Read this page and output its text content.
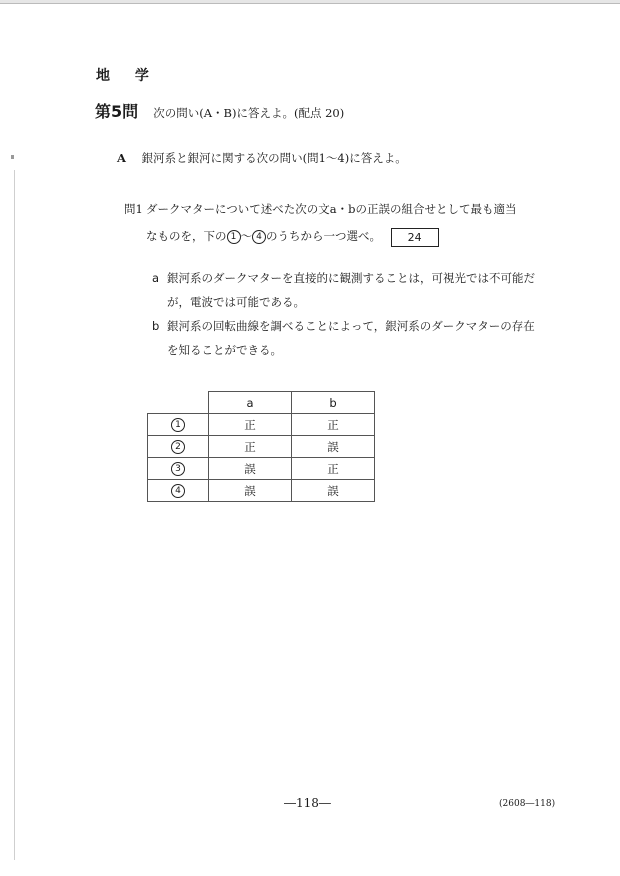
地 学
第5問 次の問い(A・B)に答えよ。(配点 20)
A 銀河系と銀河に関する次の問い(問1～4)に答えよ。
問1 ダークマターについて述べた次の文a・bの正誤の組合せとして最も適当
なものを，下の 1 ～ 4 のうちから一つ選べ。 24
a 銀河系のダークマターを直接的に観測することは，可視光では不可能だ
が，電波では可能である。
b 銀河系の回転曲線を調べることによって，銀河系のダークマターの存在
を知ることができる。
	a	b
1	正	正
2	正	誤
3	誤	正
4	誤	誤
―118―	(2608―118)
